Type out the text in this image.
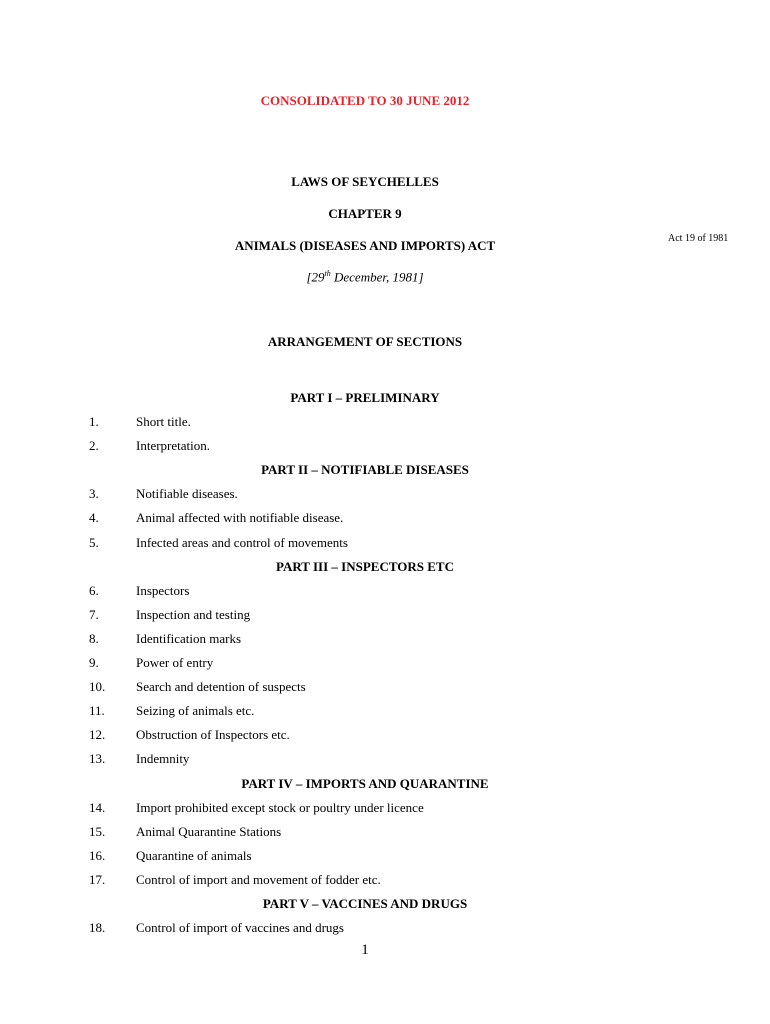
CONSOLIDATED TO 30 JUNE 2012
LAWS OF SEYCHELLES
CHAPTER 9
ANIMALS (DISEASES AND IMPORTS) ACT	Act 19 of 1981
[29th December, 1981]
ARRANGEMENT OF SECTIONS
PART I – PRELIMINARY
1.	Short title.
2.	Interpretation.
PART II – NOTIFIABLE DISEASES
3.	Notifiable diseases.
4.	Animal affected with notifiable disease.
5.	Infected areas and control of movements
PART III – INSPECTORS ETC
6.	Inspectors
7.	Inspection and testing
8.	Identification marks
9.	Power of entry
10. Search and detention of suspects
11. Seizing of animals etc.
12. Obstruction of Inspectors etc.
13. Indemnity
PART IV – IMPORTS AND QUARANTINE
14. Import prohibited except stock or poultry under licence
15. Animal Quarantine Stations
16. Quarantine of animals
17. Control of import and movement of fodder etc.
PART V – VACCINES AND DRUGS
18. Control of import of vaccines and drugs
1
